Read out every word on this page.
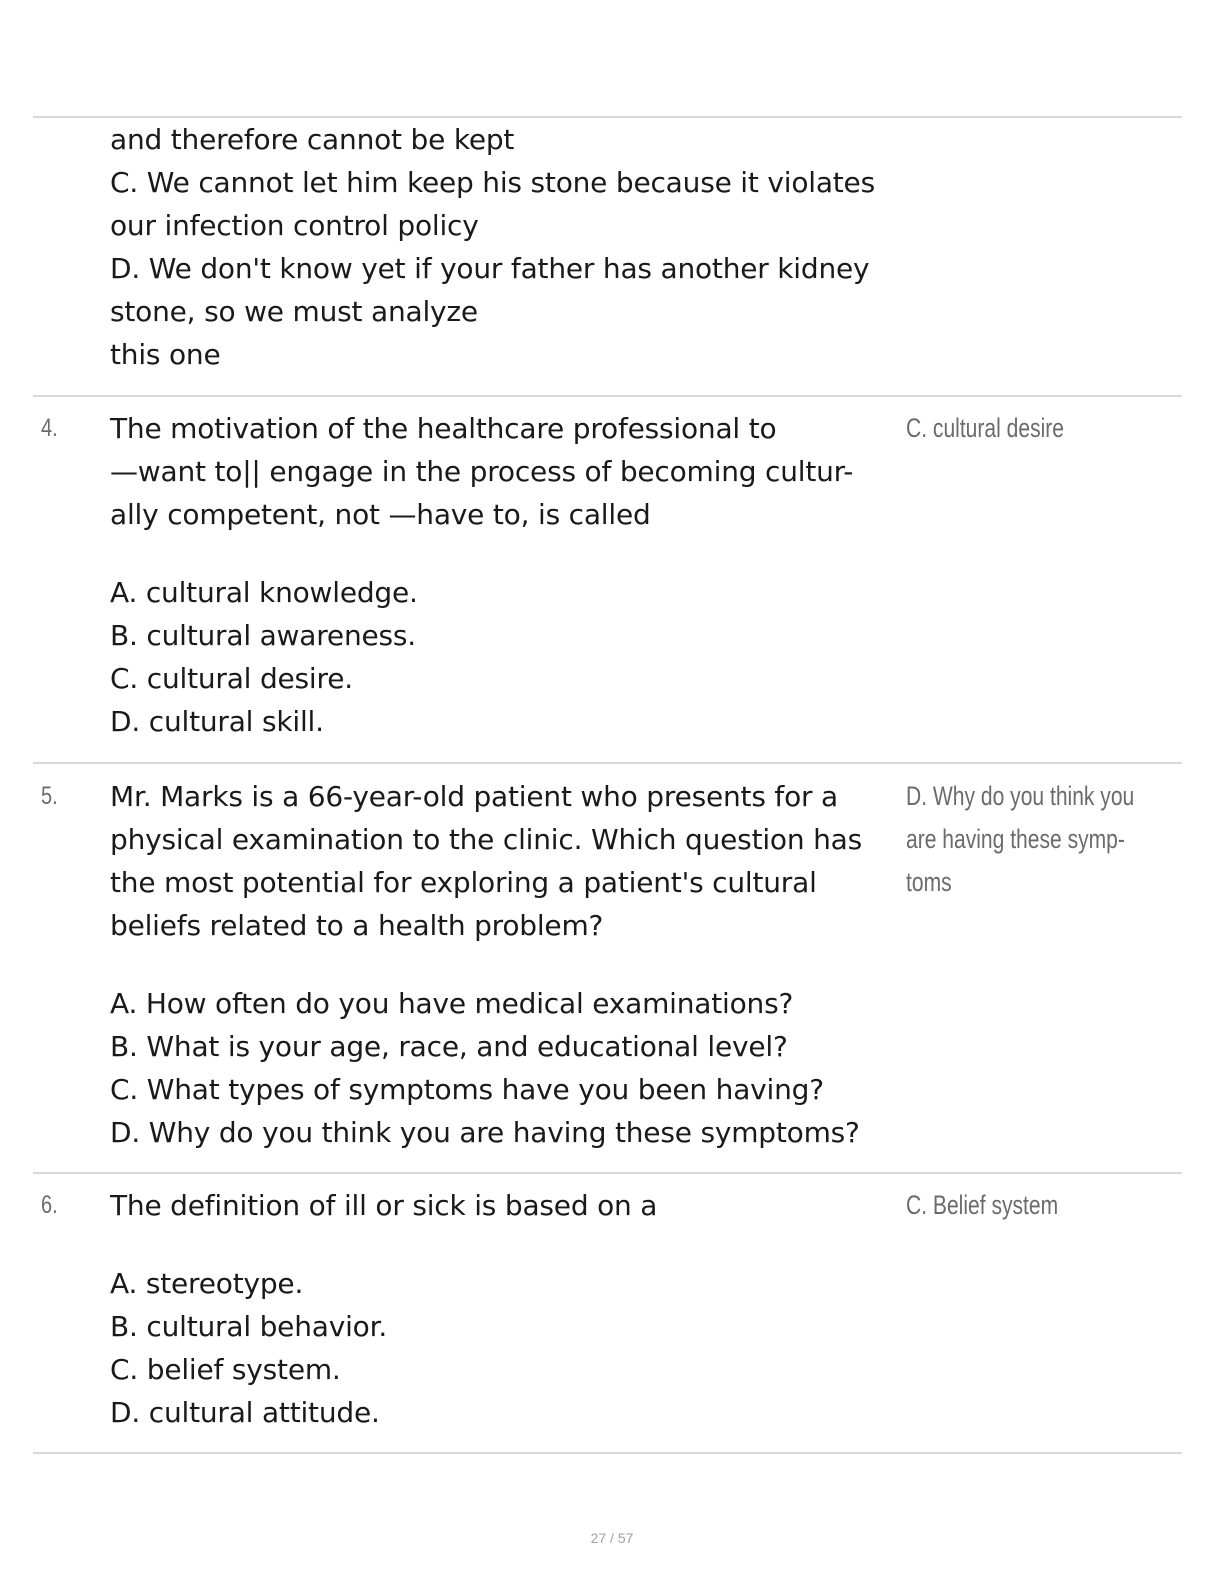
and therefore cannot be kept
C. We cannot let him keep his stone because it violates
our infection control policy
D. We don't know yet if your father has another kidney
stone, so we must analyze
this one
4. The motivation of the healthcare professional to
—want to|| engage in the process of becoming cultur-
ally competent, not —have to, is called
A. cultural knowledge.
B. cultural awareness.
C. cultural desire.
D. cultural skill.
C. cultural desire
5. Mr. Marks is a 66-year-old patient who presents for a
physical examination to the clinic. Which question has
the most potential for exploring a patient's cultural
beliefs related to a health problem?
A. How often do you have medical examinations?
B. What is your age, race, and educational level?
C. What types of symptoms have you been having?
D. Why do you think you are having these symptoms?
D. Why do you think you
are having these symp-
toms
6. The definition of ill or sick is based on a
A. stereotype.
B. cultural behavior.
C. belief system.
D. cultural attitude.
C. Belief system
27 / 57
